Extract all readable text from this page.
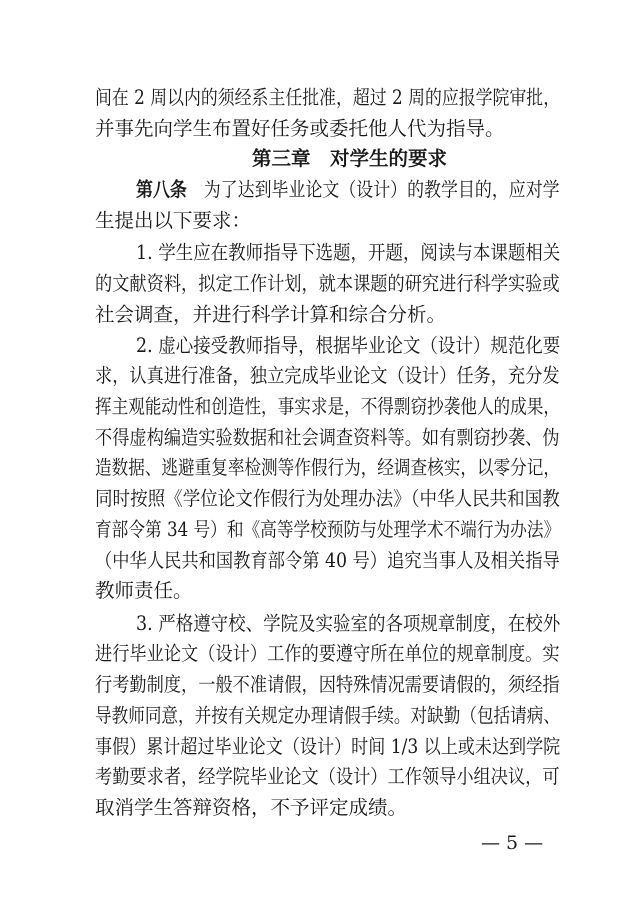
间在 2 周以内的须经系主任批准，超过 2 周的应报学院审批，
并事先向学生布置好任务或委托他人代为指导。
第三章　对学生的要求
第八条　为了达到毕业论文（设计）的教学目的，应对学
生提出以下要求：
1. 学生应在教师指导下选题，开题，阅读与本课题相关
的文献资料，拟定工作计划，就本课题的研究进行科学实验或
社会调查，并进行科学计算和综合分析。
2. 虚心接受教师指导，根据毕业论文（设计）规范化要
求，认真进行准备，独立完成毕业论文（设计）任务，充分发
挥主观能动性和创造性，事实求是，不得剽窃抄袭他人的成果，
不得虚构编造实验数据和社会调查资料等。如有剽窃抄袭、伪
造数据、逃避重复率检测等作假行为，经调查核实，以零分记，
同时按照《学位论文作假行为处理办法》（中华人民共和国教
育部令第 34 号）和《高等学校预防与处理学术不端行为办法》
（中华人民共和国教育部令第 40 号）追究当事人及相关指导
教师责任。
3. 严格遵守校、学院及实验室的各项规章制度，在校外
进行毕业论文（设计）工作的要遵守所在单位的规章制度。实
行考勤制度，一般不准请假，因特殊情况需要请假的，须经指
导教师同意，并按有关规定办理请假手续。对缺勤（包括请病、
事假）累计超过毕业论文（设计）时间 1/3 以上或未达到学院
考勤要求者，经学院毕业论文（设计）工作领导小组决议，可
取消学生答辩资格，不予评定成绩。
— 5 —
